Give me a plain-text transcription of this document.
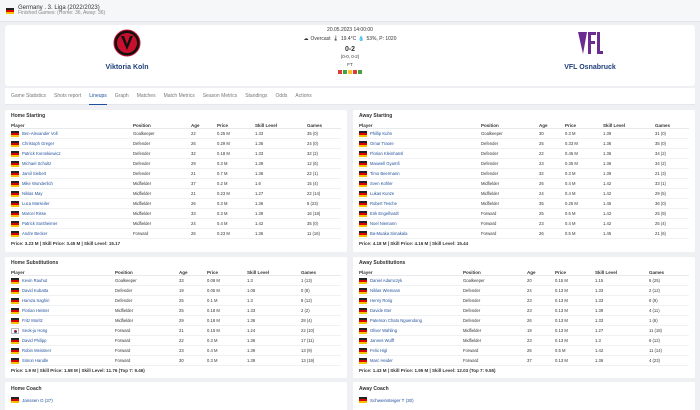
Germany . 3. Liga (2022/2023)
Finished Games: (Home: 36, Away: 36)
Viktoria Koln
20.05.2023 14:00:00
☁ Overcast 🌡 19.4°C 💧 53%, P: 1020
0-2
(0-0, 0-2)
FT	VFL Osnabruck
Game Statistics Shots report Lineups Graph Matches Match Metrics Season Metrics Standings Odds Actions
Home Starting
Player	Position	Age	Price	Skill Level	Games
Ben-Alexander Voll	Goalkeeper	22	0.25 M	1.33	35 (0)
Christoph Greger	Defender	26	0.29 M	1.36	24 (0)
Patrick Koronkiewicz	Defender	32	0.18 M	1.33	32 (2)
Michael Schultz	Defender	29	0.3 M	1.39	12 (6)
Jamil Siebert	Defender	21	0.7 M	1.36	22 (1)
Mike Wunderlich	Midfielder	37	0.2 M	1.6	15 (4)
Niklas May	Midfielder	21	0.23 M	1.27	22 (14)
Luca Marseiler	Midfielder	26	0.3 M	1.36	5 (23)
Marcel Risse	Midfielder	33	0.3 M	1.39	16 (18)
Patrick Sontheimer	Midfielder	24	0.4 M	1.42	35 (0)
Andre Becker	Forward	26	0.23 M	1.36	11 (16)
Price: 3.23 M | Skill Price: 3.45 M | Skill Level: 15.17
Away Starting
Player	Position	Age	Price	Skill Level	Games
Phillip Kuhn	Goalkeeper	30	0.3 M	1.39	31 (0)
Omar Traore	Defender	25	0.33 M	1.36	35 (0)
Florian Kleinhansl	Defender	22	0.45 M	1.36	34 (2)
Maxwell Gyamfi	Defender	23	0.35 M	1.36	34 (2)
Timo Beermann	Defender	32	0.3 M	1.39	21 (3)
Sven Kohler	Midfielder	26	0.4 M	1.42	33 (1)
Lukas Kunze	Midfielder	24	0.4 M	1.42	29 (5)
Robert Tesche	Midfielder	35	0.25 M	1.45	36 (0)
Erik Engelhardt	Forward	25	0.5 M	1.42	25 (9)
Noel Niemann	Forward	23	0.4 M	1.42	25 (4)
Ba-Muaka Simakala	Forward	26	0.5 M	1.45	21 (6)
Price: 4.18 M | Skill Price: 4.16 M | Skill Level: 15.44
Home Substitutions
Player	Position	Age	Price	Skill Level	Games
Kevin Rauhut	Goalkeeper	33	0.08 M	1.3	1 (13)
David Kubatta	Defender	19	0.05 M	1.06	0 (8)
Hamza Saghiri	Defender	25	0.1 M	1.3	8 (12)
Florian Heister	Midfielder	25	0.18 M	1.33	2 (2)
Fritz Moritz	Midfielder	29	0.18 M	1.36	28 (4)
Seok-ju Hong	Forward	21	0.15 M	1.24	22 (10)
David Philipp	Forward	22	0.3 M	1.36	17 (11)
Robin Meissner	Forward	23	0.4 M	1.39	13 (9)
Simon Handle	Forward	30	0.3 M	1.39	13 (19)
Price: 1.9 M | Skill Price: 1.58 M | Skill Level: 11.76 (Top 7: 9.46)
Away Substitutions
Player	Position	Age	Price	Skill Level	Games
Daniel Adamczyk	Goalkeeper	20	0.15 M	1.15	6 (25)
Niklas Wiemann	Defender	24	0.13 M	1.33	2 (12)
Henry Rorig	Defender	23	0.13 M	1.33	6 (9)
Davide Itter	Defender	23	0.13 M	1.39	4 (11)
Paterson Chato Nguendong	Defender	26	0.13 M	1.33	1 (6)
Oliver Wahling	Midfielder	19	0.13 M	1.27	11 (18)
Jannes Wulff	Midfielder	23	0.13 M	1.3	6 (12)
Felix Higl	Forward	26	0.5 M	1.42	11 (14)
Marc Heider	Forward	37	0.13 M	1.36	4 (23)
Price: 1.43 M | Skill Price: 1.95 M | Skill Level: 12.03 (Top 7: 9.55)
Home Coach
Janssen O (37)
Away Coach
Schweinsteiger T (30)
